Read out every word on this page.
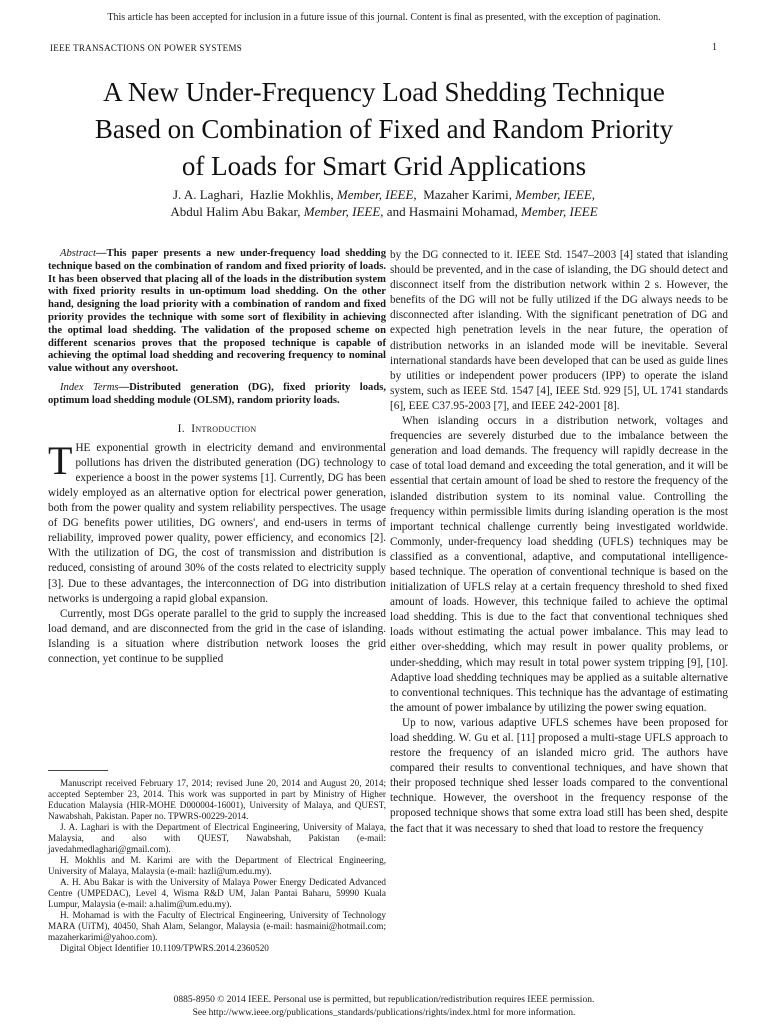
This article has been accepted for inclusion in a future issue of this journal. Content is final as presented, with the exception of pagination.
IEEE TRANSACTIONS ON POWER SYSTEMS	1
A New Under-Frequency Load Shedding Technique
Based on Combination of Fixed and Random Priority
of Loads for Smart Grid Applications
J. A. Laghari, Hazlie Mokhlis, Member, IEEE, Mazaher Karimi, Member, IEEE,
Abdul Halim Abu Bakar, Member, IEEE, and Hasmaini Mohamad, Member, IEEE

Abstract—This paper presents a new under-frequency load shedding technique based on the combination of random and fixed priority of loads. It has been observed that placing all of the loads in the distribution system with fixed priority results in un-optimum load shedding. On the other hand, designing the load priority with a combination of random and fixed priority provides the technique with some sort of flexibility in achieving the optimal load shedding. The validation of the proposed scheme on different scenarios proves that the proposed technique is capable of achieving the optimal load shedding and recovering frequency to nominal value without any overshoot.

Index Terms—Distributed generation (DG), fixed priority loads, optimum load shedding module (OLSM), random priority loads.

I. Introduction

THE exponential growth in electricity demand and environmental pollutions has driven the distributed generation (DG) technology to experience a boost in the power systems [1]. Currently, DG has been widely employed as an alternative option for electrical power generation, both from the power quality and system reliability perspectives. The usage of DG benefits power utilities, DG owners', and end-users in terms of reliability, improved power quality, power efficiency, and economics [2]. With the utilization of DG, the cost of transmission and distribution is reduced, consisting of around 30% of the costs related to electricity supply [3]. Due to these advantages, the interconnection of DG into distribution networks is undergoing a rapid global expansion.

Currently, most DGs operate parallel to the grid to supply the increased load demand, and are disconnected from the grid in the case of islanding. Islanding is a situation where distribution network looses the grid connection, yet continue to be supplied

Manuscript received February 17, 2014; revised June 20, 2014 and August 20, 2014; accepted September 23, 2014. This work was supported in part by Ministry of Higher Education Malaysia (HIR-MOHE D000004-16001), University of Malaya, and QUEST, Nawabshah, Pakistan. Paper no. TPWRS-00229-2014.

J. A. Laghari is with the Department of Electrical Engineering, University of Malaya, Malaysia, and also with QUEST, Nawabshah, Pakistan (e-mail: javedahmedlaghari@gmail.com).

H. Mokhlis and M. Karimi are with the Department of Electrical Engineering, University of Malaya, Malaysia (e-mail: hazli@um.edu.my).

A. H. Abu Bakar is with the University of Malaya Power Energy Dedicated Advanced Centre (UMPEDAC), Level 4, Wisma R&D UM, Jalan Pantai Baharu, 59990 Kuala Lumpur, Malaysia (e-mail: a.halim@um.edu.my).

H. Mohamad is with the Faculty of Electrical Engineering, University of Technology MARA (UiTM), 40450, Shah Alam, Selangor, Malaysia (e-mail: hasmaini@hotmail.com; mazaherkarimi@yahoo.com).

Digital Object Identifier 10.1109/TPWRS.2014.2360520

by the DG connected to it. IEEE Std. 1547–2003 [4] stated that islanding should be prevented, and in the case of islanding, the DG should detect and disconnect itself from the distribution network within 2 s. However, the benefits of the DG will not be fully utilized if the DG always needs to be disconnected after islanding. With the significant penetration of DG and expected high penetration levels in the near future, the operation of distribution networks in an islanded mode will be inevitable. Several international standards have been developed that can be used as guide lines by utilities or independent power producers (IPP) to operate the island system, such as IEEE Std. 1547 [4], IEEE Std. 929 [5], UL 1741 standards [6], EEE C37.95-2003 [7], and IEEE 242-2001 [8].

When islanding occurs in a distribution network, voltages and frequencies are severely disturbed due to the imbalance between the generation and load demands. The frequency will rapidly decrease in the case of total load demand and exceeding the total generation, and it will be essential that certain amount of load be shed to restore the frequency of the islanded distribution system to its nominal value. Controlling the frequency within permissible limits during islanding operation is the most important technical challenge currently being investigated worldwide. Commonly, under-frequency load shedding (UFLS) techniques may be classified as a conventional, adaptive, and computational intelligence-based technique. The operation of conventional technique is based on the initialization of UFLS relay at a certain frequency threshold to shed fixed amount of loads. However, this technique failed to achieve the optimal load shedding. This is due to the fact that conventional techniques shed loads without estimating the actual power imbalance. This may lead to either over-shedding, which may result in power quality problems, or under-shedding, which may result in total power system tripping [9], [10]. Adaptive load shedding techniques may be applied as a suitable alternative to conventional techniques. This technique has the advantage of estimating the amount of power imbalance by utilizing the power swing equation.

Up to now, various adaptive UFLS schemes have been proposed for load shedding. W. Gu et al. [11] proposed a multi-stage UFLS approach to restore the frequency of an islanded micro grid. The authors have compared their results to conventional techniques, and have shown that their proposed technique shed lesser loads compared to the conventional technique. However, the overshoot in the frequency response of the proposed technique shows that some extra load still has been shed, despite the fact that it was necessary to shed that load to restore the frequency

0885-8950 © 2014 IEEE. Personal use is permitted, but republication/redistribution requires IEEE permission.
See http://www.ieee.org/publications_standards/publications/rights/index.html for more information.
